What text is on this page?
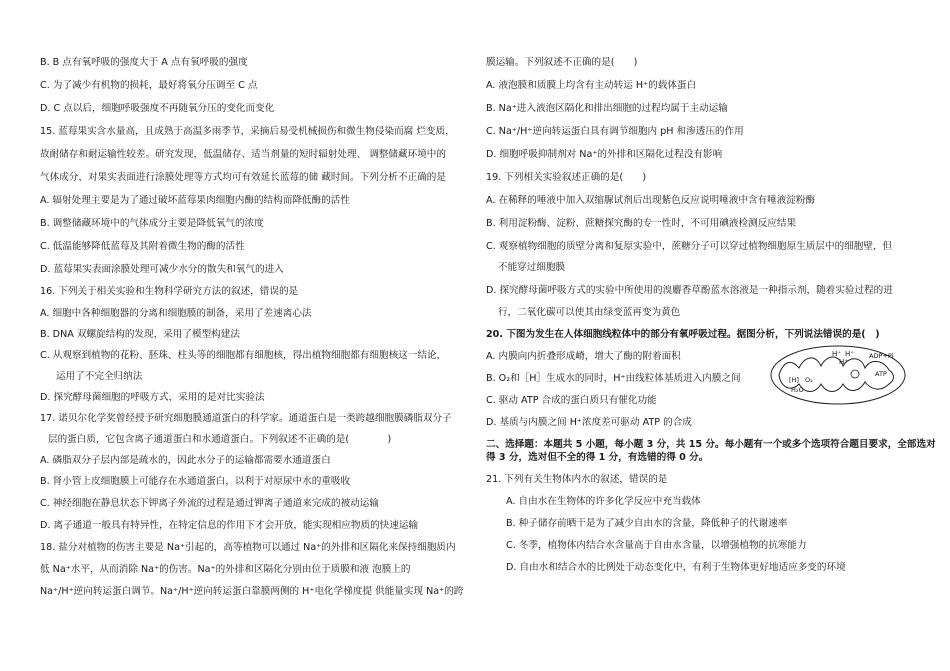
B. B 点有氧呼吸的强度大于 A 点有氧呼吸的强度
C. 为了减少有机物的损耗，最好将氧分压调至 C 点
D. C 点以后，细胞呼吸强度不再随氧分压的变化而变化
15. 蓝莓果实含水量高，且成熟于高温多雨季节，采摘后易受机械损伤和微生物侵染而腐 烂变质，
故耐储存和耐运输性较差。研究发现，低温储存、适当剂量的短时辐射处理、 调整储藏环境中的
气体成分、对果实表面进行涂膜处理等方式均可有效延长蓝莓的储 藏时间。下列分析不正确的是
A. 辐射处理主要是为了通过破坏蓝莓果肉细胞内酶的结构而降低酶的活性
B. 调整储藏环境中的气体成分主要是降低氧气的浓度
C. 低温能够降低蓝莓及其附着微生物的酶的活性
D. 蓝莓果实表面涂膜处理可减少水分的散失和氧气的进入
16. 下列关于相关实验和生物科学研究方法的叙述，错误的是
A. 细胞中各种细胞器的分离和细胞膜的制备，采用了差速离心法
B. DNA 双螺旋结构的发现，采用了模型构建法
C. 从观察到植物的花粉、胚珠、柱头等的细胞都有细胞核，得出植物细胞都有细胞核这一结论，
运用了不完全归纳法
D. 探究酵母菌细胞的呼吸方式，采用的是对比实验法
17. 诺贝尔化学奖曾经授予研究细胞膜通道蛋白的科学家。通道蛋白是一类跨越细胞膜磷脂双分子
层的蛋白质，它包含离子通道蛋白和水通道蛋白。下列叙述不正确的是(　　　　)
A. 磷脂双分子层内部是疏水的，因此水分子的运输都需要水通道蛋白
B. 肾小管上皮细胞膜上可能存在水通道蛋白，以利于对原尿中水的重吸收
C. 神经细胞在静息状态下钾离子外流的过程是通过钾离子通道来完成的被动运输
D. 离子通道一般具有特异性，在特定信息的作用下才会开放，能实现相应物质的快速运输
18. 盐分对植物的伤害主要是 Na⁺引起的，高等植物可以通过 Na⁺的外排和区隔化来保持细胞质内
低 Na⁺水平，从而消除 Na⁺的伤害。Na⁺的外排和区隔化分别由位于质膜和液 泡膜上的
Na⁺/H⁺逆向转运蛋白调节。Na⁺/H⁺逆向转运蛋白靠膜两侧的 H⁺电化学梯度提 供能量实现 Na⁺的跨
膜运输。下列叙述不正确的是(　　)
A. 液泡膜和质膜上均含有主动转运 H⁺的载体蛋白
B. Na⁺进入液泡区隔化和排出细胞的过程均属于主动运输
C. Na⁺/H⁺逆向转运蛋白具有调节细胞内 pH 和渗透压的作用
D. 细胞呼吸抑制剂对 Na⁺的外排和区隔化过程没有影响
19. 下列相关实验叙述正确的是(　　)
A. 在稀释的唾液中加入双缩脲试剂后出现紫色反应说明唾液中含有唾液淀粉酶
B. 利用淀粉酶、淀粉、蔗糖探究酶的专一性时，不可用碘液检测反应结果
C. 观察植物细胞的质壁分离和复原实验中，蔗糖分子可以穿过植物细胞原生质层中的细胞壁，但
不能穿过细胞膜
D. 探究酵母菌呼吸方式的实验中所使用的溴麝香草酚蓝水溶液是一种指示剂，随着实验过程的进
行，二氧化碳可以使其由绿变蓝再变为黄色
20. 下图为发生在人体细胞线粒体中的部分有氧呼吸过程。据图分析，下列说法错误的是(　)
A. 内膜向内折叠形成嵴，增大了酶的附着面积
B. O₂和［H］生成水的同时，H⁺由线粒体基质进入内膜之间
C. 驱动 ATP 合成的蛋白质只有催化功能
D. 基质与内膜之间 H⁺浓度差可驱动 ATP 的合成
二、选择题：本题共 5 小题，每小题 3 分，共 15 分。每小题有一个或多个选项符合题目要求，全部选对
得 3 分，选对但不全的得 1 分，有选错的得 0 分。
21. 下列有关生物体内水的叙述，错误的是
A. 自由水在生物体的许多化学反应中充当载体
B. 种子储存前晒干是为了减少自由水的含量，降低种子的代谢速率
C. 冬季，植物体内结合水含量高于自由水含量，以增强植物的抗寒能力
D. 自由水和结合水的比例处于动态变化中，有利于生物体更好地适应多变的环境
H⁺ H⁺
H⁺
ADP+Pi
ATP
[H] O₂
H₂O
